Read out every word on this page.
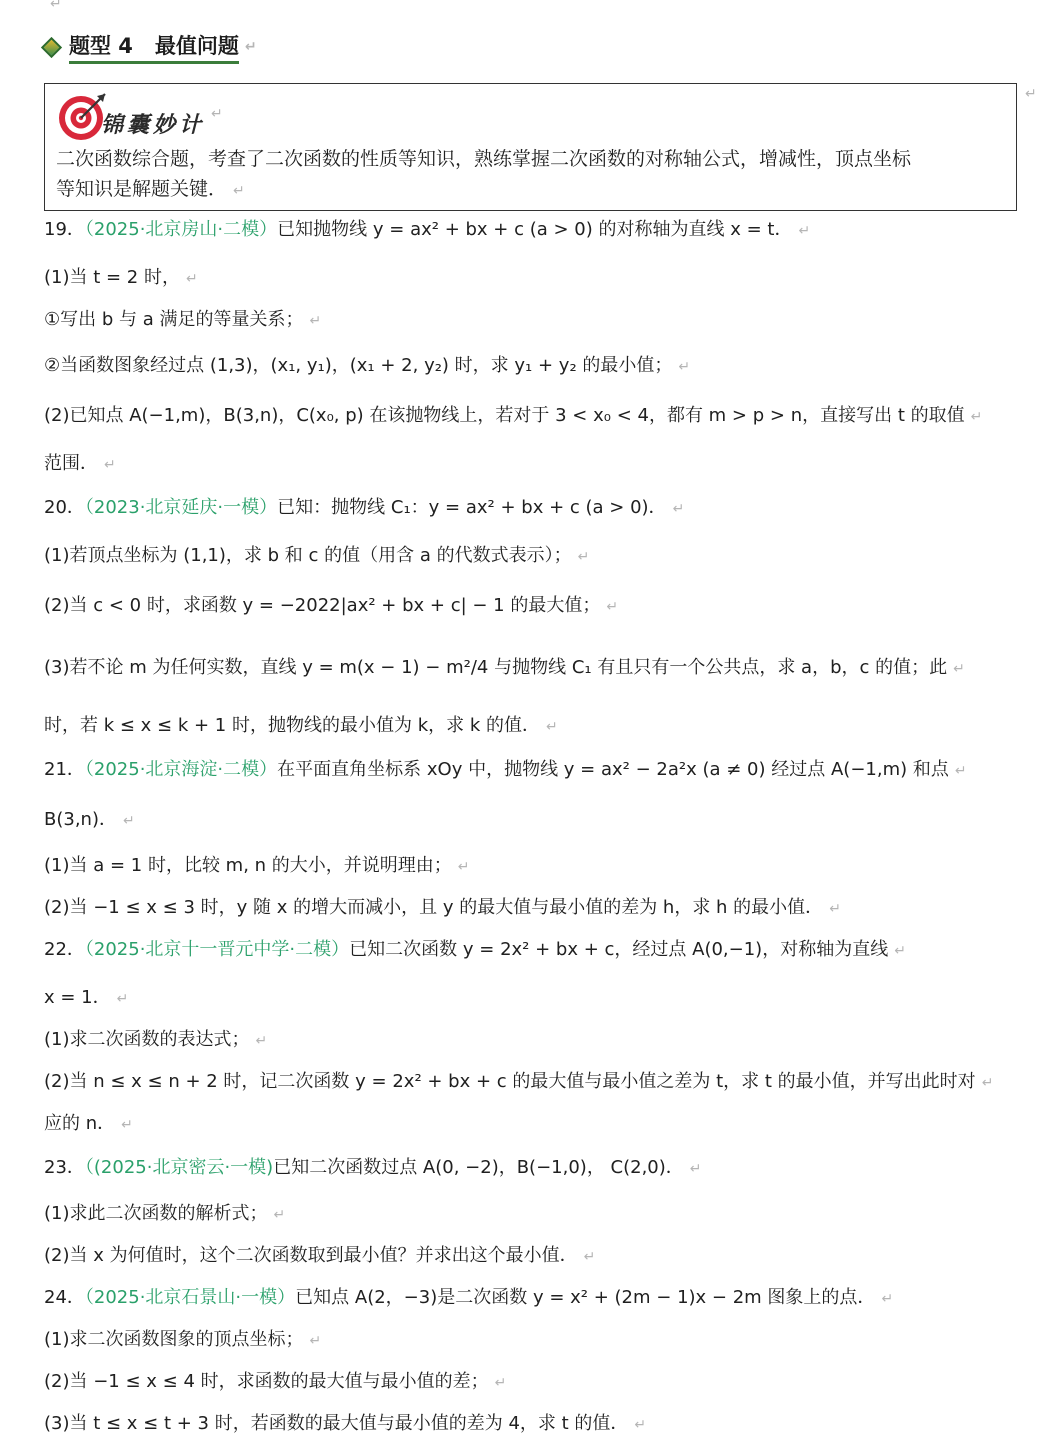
↵
题型 4 最值问题 ↵
锦囊妙计 ↵
二次函数综合题，考查了二次函数的性质等知识，熟练掌握二次函数的对称轴公式，增减性，顶点坐标
等知识是解题关键． ↵
↵
19．（2025·北京房山·二模）已知抛物线 y = ax² + bx + c (a > 0) 的对称轴为直线 x = t． ↵
(1)当 t = 2 时， ↵
①写出 b 与 a 满足的等量关系； ↵
②当函数图象经过点 (1,3)，(x₁, y₁)，(x₁ + 2, y₂) 时，求 y₁ + y₂ 的最小值； ↵
(2)已知点 A(−1,m)，B(3,n)，C(x₀, p) 在该抛物线上，若对于 3 < x₀ < 4，都有 m > p > n，直接写出 t 的取值 ↵
范围． ↵
20．（2023·北京延庆·一模）已知：抛物线 C₁：y = ax² + bx + c (a > 0)． ↵
(1)若顶点坐标为 (1,1)，求 b 和 c 的值（用含 a 的代数式表示）； ↵
(2)当 c < 0 时，求函数 y = −2022|ax² + bx + c| − 1 的最大值； ↵
(3)若不论 m 为任何实数，直线 y = m(x − 1) − m²/4 与抛物线 C₁ 有且只有一个公共点，求 a，b，c 的值；此 ↵
时，若 k ≤ x ≤ k + 1 时，抛物线的最小值为 k，求 k 的值． ↵
21．（2025·北京海淀·二模）在平面直角坐标系 xOy 中，抛物线 y = ax² − 2a²x (a ≠ 0) 经过点 A(−1,m) 和点 ↵
B(3,n)． ↵
(1)当 a = 1 时，比较 m, n 的大小，并说明理由； ↵
(2)当 −1 ≤ x ≤ 3 时，y 随 x 的增大而减小，且 y 的最大值与最小值的差为 h，求 h 的最小值． ↵
22．（2025·北京十一晋元中学·二模）已知二次函数 y = 2x² + bx + c，经过点 A(0,−1)，对称轴为直线 ↵
x = 1． ↵
(1)求二次函数的表达式； ↵
(2)当 n ≤ x ≤ n + 2 时，记二次函数 y = 2x² + bx + c 的最大值与最小值之差为 t，求 t 的最小值，并写出此时对 ↵
应的 n． ↵
23．（(2025·北京密云·一模)已知二次函数过点 A(0, −2)，B(−1,0)， C(2,0)． ↵
(1)求此二次函数的解析式； ↵
(2)当 x 为何值时，这个二次函数取到最小值？并求出这个最小值． ↵
24．（2025·北京石景山·一模）已知点 A(2，−3)是二次函数 y = x² + (2m − 1)x − 2m 图象上的点． ↵
(1)求二次函数图象的顶点坐标； ↵
(2)当 −1 ≤ x ≤ 4 时，求函数的最大值与最小值的差； ↵
(3)当 t ≤ x ≤ t + 3 时，若函数的最大值与最小值的差为 4，求 t 的值． ↵
